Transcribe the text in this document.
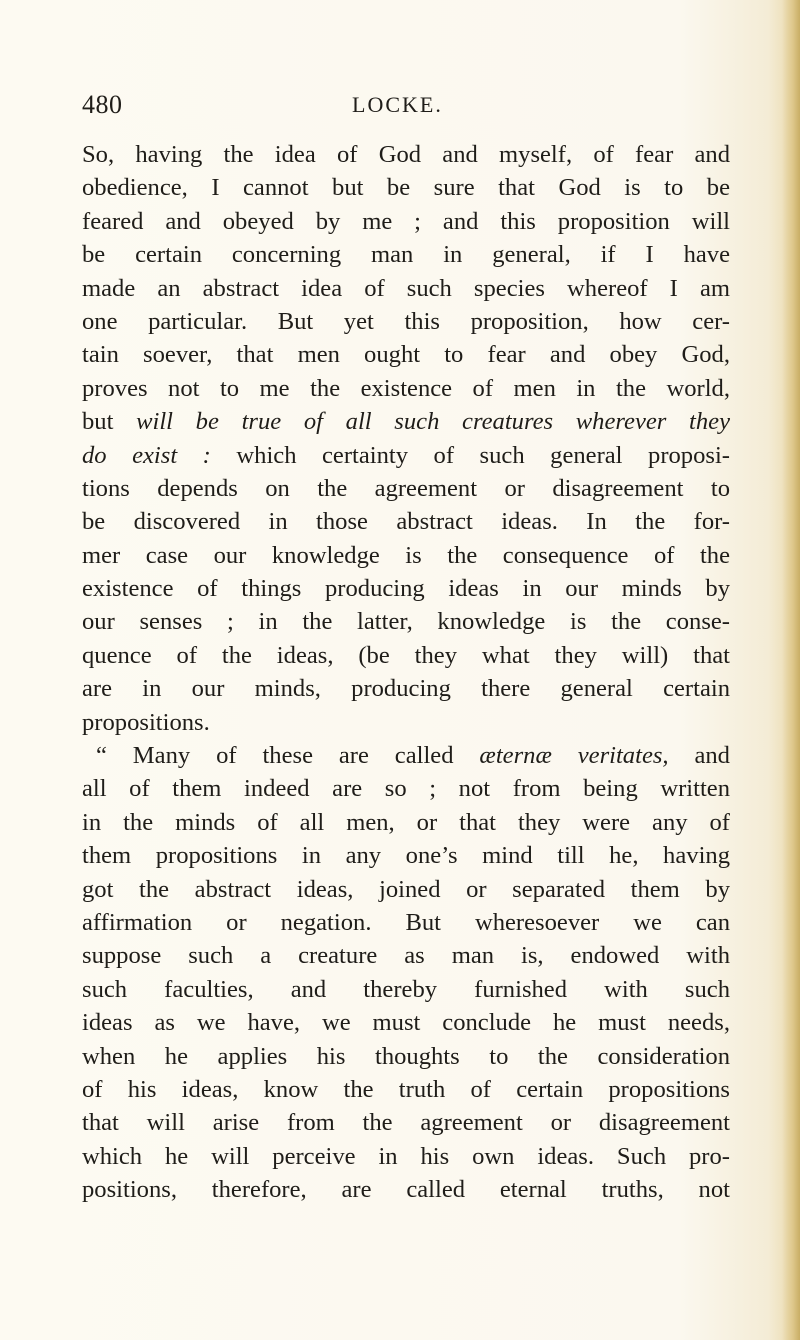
480	LOCKE.
So, having the idea of God and myself, of fear and
obedience, I cannot but be sure that God is to be
feared and obeyed by me ; and this proposition will
be certain concerning man in general, if I have
made an abstract idea of such species whereof I am
one particular. But yet this proposition, how cer-
tain soever, that men ought to fear and obey God,
proves not to me the existence of men in the world,
but will be true of all such creatures wherever they
do exist : which certainty of such general proposi-
tions depends on the agreement or disagreement to
be discovered in those abstract ideas. In the for-
mer case our knowledge is the consequence of the
existence of things producing ideas in our minds by
our senses ; in the latter, knowledge is the conse-
quence of the ideas, (be they what they will) that
are in our minds, producing there general certain
propositions.
“ Many of these are called æternæ veritates, and
all of them indeed are so ; not from being written
in the minds of all men, or that they were any of
them propositions in any one’s mind till he, having
got the abstract ideas, joined or separated them by
affirmation or negation. But wheresoever we can
suppose such a creature as man is, endowed with
such faculties, and thereby furnished with such
ideas as we have, we must conclude he must needs,
when he applies his thoughts to the consideration
of his ideas, know the truth of certain propositions
that will arise from the agreement or disagreement
which he will perceive in his own ideas. Such pro-
positions, therefore, are called eternal truths, not
